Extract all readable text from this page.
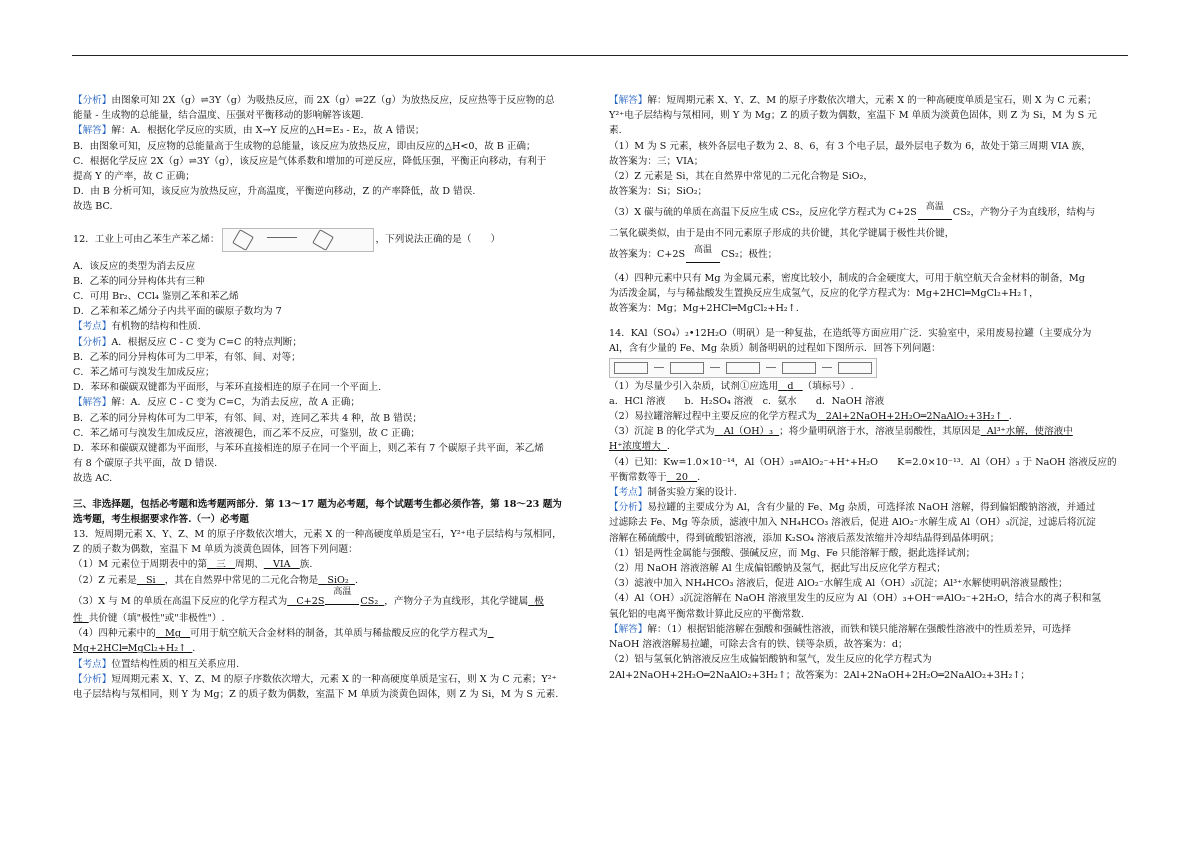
【分析】由图象可知 2X（g）⇌3Y（g）为吸热反应，而 2X（g）⇌2Z（g）为放热反应，反应热等于反应物的总
能量 - 生成物的总能量，结合温度、压强对平衡移动的影响解答该题.
【解答】解：A．根据化学反应的实质，由 X→Y 反应的△H=E₃ - E₂，故 A 错误；
B．由图象可知，反应物的总能量高于生成物的总能量，该反应为放热反应，即由反应的△H<0，故 B 正确；
C．根据化学反应 2X（g）⇌3Y（g），该反应是气体系数和增加的可逆反应，降低压强，平衡正向移动，有利于
提高 Y 的产率，故 C 正确；
D．由 B 分析可知，该反应为放热反应，升高温度，平衡逆向移动，Z 的产率降低，故 D 错误.
故选 BC.
12．工业上可由乙苯生产苯乙烯：	，下列说法正确的是（　　）
A．该反应的类型为消去反应
B．乙苯的同分异构体共有三种
C．可用 Br₂、CCl₄ 鉴别乙苯和苯乙烯
D．乙苯和苯乙烯分子内共平面的碳原子数均为 7
【考点】有机物的结构和性质.
【分析】A．根据反应 C - C 变为 C=C 的特点判断；
B．乙苯的同分异构体可为二甲苯，有邻、间、对等；
C．苯乙烯可与溴发生加成反应；
D．苯环和碳碳双键都为平面形，与苯环直接相连的原子在同一个平面上.
【解答】解：A．反应 C - C 变为 C=C，为消去反应，故 A 正确；
B．乙苯的同分异构体可为二甲苯，有邻、间、对，连同乙苯共 4 种，故 B 错误；
C．苯乙烯可与溴发生加成反应，溶液褪色，而乙苯不反应，可鉴别，故 C 正确；
D．苯环和碳碳双键都为平面形，与苯环直接相连的原子在同一个平面上，则乙苯有 7 个碳原子共平面，苯乙烯
有 8 个碳原子共平面，故 D 错误.
故选 AC.
三、非选择题，包括必考题和选考题两部分．第 13～17 题为必考题，每个试题考生都必须作答，第 18～23 题为
选考题，考生根据要求作答.（一）必考题
13．短周期元素 X、Y、Z、M 的原子序数依次增大，元素 X 的一种高硬度单质是宝石，Y²⁺电子层结构与氖相同，
Z 的质子数为偶数，室温下 M 单质为淡黄色固体，回答下列问题：
（1）M 元素位于周期表中的第 三 周期、 VIA 族.
（2）Z 元素是 Si ，其在自然界中常见的二元化合物是 SiO₂ .
（3）X 与 M 的单质在高温下反应的化学方程式为 C+2S
高温
CS₂ ，产物分子为直线形，其化学键属 极
性 共价键（填"极性"或"非极性"）.
（4）四种元素中的 Mg 可用于航空航天合金材料的制备，其单质与稀盐酸反应的化学方程式为
Mg+2HCl═MgCl₂+H₂↑ .
【考点】位置结构性质的相互关系应用.
【分析】短周期元素 X、Y、Z、M 的原子序数依次增大，元素 X 的一种高硬度单质是宝石，则 X 为 C 元素；Y²⁺
电子层结构与氖相同，则 Y 为 Mg；Z 的质子数为偶数，室温下 M 单质为淡黄色固体，则 Z 为 Si，M 为 S 元素.
【解答】解：短周期元素 X、Y、Z、M 的原子序数依次增大，元素 X 的一种高硬度单质是宝石，则 X 为 C 元素；
Y²⁺电子层结构与氖相同，则 Y 为 Mg；Z 的质子数为偶数，室温下 M 单质为淡黄色固体，则 Z 为 Si，M 为 S 元
素.
（1）M 为 S 元素，核外各层电子数为 2、8、6，有 3 个电子层，最外层电子数为 6，故处于第三周期 VIA 族，
故答案为：三；VIA；
（2）Z 元素是 Si，其在自然界中常见的二元化合物是 SiO₂，
故答案为：Si；SiO₂；
（3）X 碳与硫的单质在高温下反应生成 CS₂，反应化学方程式为 C+2S 高温 CS₂，产物分子为直线形，结构与
二氧化碳类似，由于是由不同元素原子形成的共价键，其化学键属于极性共价键，
故答案为：C+2S 高温 CS₂；极性；
（4）四种元素中只有 Mg 为金属元素，密度比较小，制成的合金硬度大，可用于航空航天合金材料的制备，Mg
为活泼金属，与与稀盐酸发生置换反应生成氢气，反应的化学方程式为：Mg+2HCl═MgCl₂+H₂↑，
故答案为：Mg；Mg+2HCl═MgCl₂+H₂↑.
14．KAl（SO₄）₂•12H₂O（明矾）是一种复盐，在造纸等方面应用广泛．实验室中，采用废易拉罐（主要成分为
Al，含有少量的 Fe、Mg 杂质）制备明矾的过程如下图所示．回答下列问题：
（1）为尽量少引入杂质，试剂①应选用 d （填标号）.
a．HCl 溶液　　b．H₂SO₄ 溶液　c．氨水　　d．NaOH 溶液
（2）易拉罐溶解过程中主要反应的化学方程式为 2Al+2NaOH+2H₂O═2NaAlO₂+3H₂↑ .
（3）沉淀 B 的化学式为 Al（OH）₃ ；将少量明矾溶于水，溶液呈弱酸性，其原因是 Al³⁺水解，使溶液中
H⁺浓度增大 .
（4）已知：Kw=1.0×10⁻¹⁴，Al（OH）₃⇌AlO₂⁻+H⁺+H₂O　　K=2.0×10⁻¹³．Al（OH）₃ 于 NaOH 溶液反应的
平衡常数等于 20 .
【考点】制备实验方案的设计.
【分析】易拉罐的主要成分为 Al，含有少量的 Fe、Mg 杂质，可选择浓 NaOH 溶解，得到偏铝酸钠溶液，并通过
过滤除去 Fe、Mg 等杂质，滤液中加入 NH₄HCO₃ 溶液后，促进 AlO₂⁻水解生成 Al（OH）₃沉淀，过滤后将沉淀
溶解在稀硫酸中，得到硫酸铝溶液，添加 K₂SO₄ 溶液后蒸发浓缩并冷却结晶得到晶体明矾；
（1）铝是两性金属能与强酸、强碱反应，而 Mg、Fe 只能溶解于酸，据此选择试剂；
（2）用 NaOH 溶液溶解 Al 生成偏铝酸钠及氢气，据此写出反应化学方程式；
（3）滤液中加入 NH₄HCO₃ 溶液后，促进 AlO₂⁻水解生成 Al（OH）₃沉淀；Al³⁺水解使明矾溶液显酸性；
（4）Al（OH）₃沉淀溶解在 NaOH 溶液里发生的反应为 Al（OH）₃+OH⁻⇌AlO₂⁻+2H₂O，结合水的离子积和氢
氧化铝的电离平衡常数计算此反应的平衡常数.
【解答】解：（1）根据铝能溶解在强酸和强碱性溶液，而铁和镁只能溶解在强酸性溶液中的性质差异，可选择
NaOH 溶液溶解易拉罐，可除去含有的铁、镁等杂质，故答案为：d；
（2）铝与氢氧化钠溶液反应生成偏铝酸钠和氢气，发生反应的化学方程式为
2Al+2NaOH+2H₂O═2NaAlO₂+3H₂↑；故答案为：2Al+2NaOH+2H₂O═2NaAlO₂+3H₂↑；
